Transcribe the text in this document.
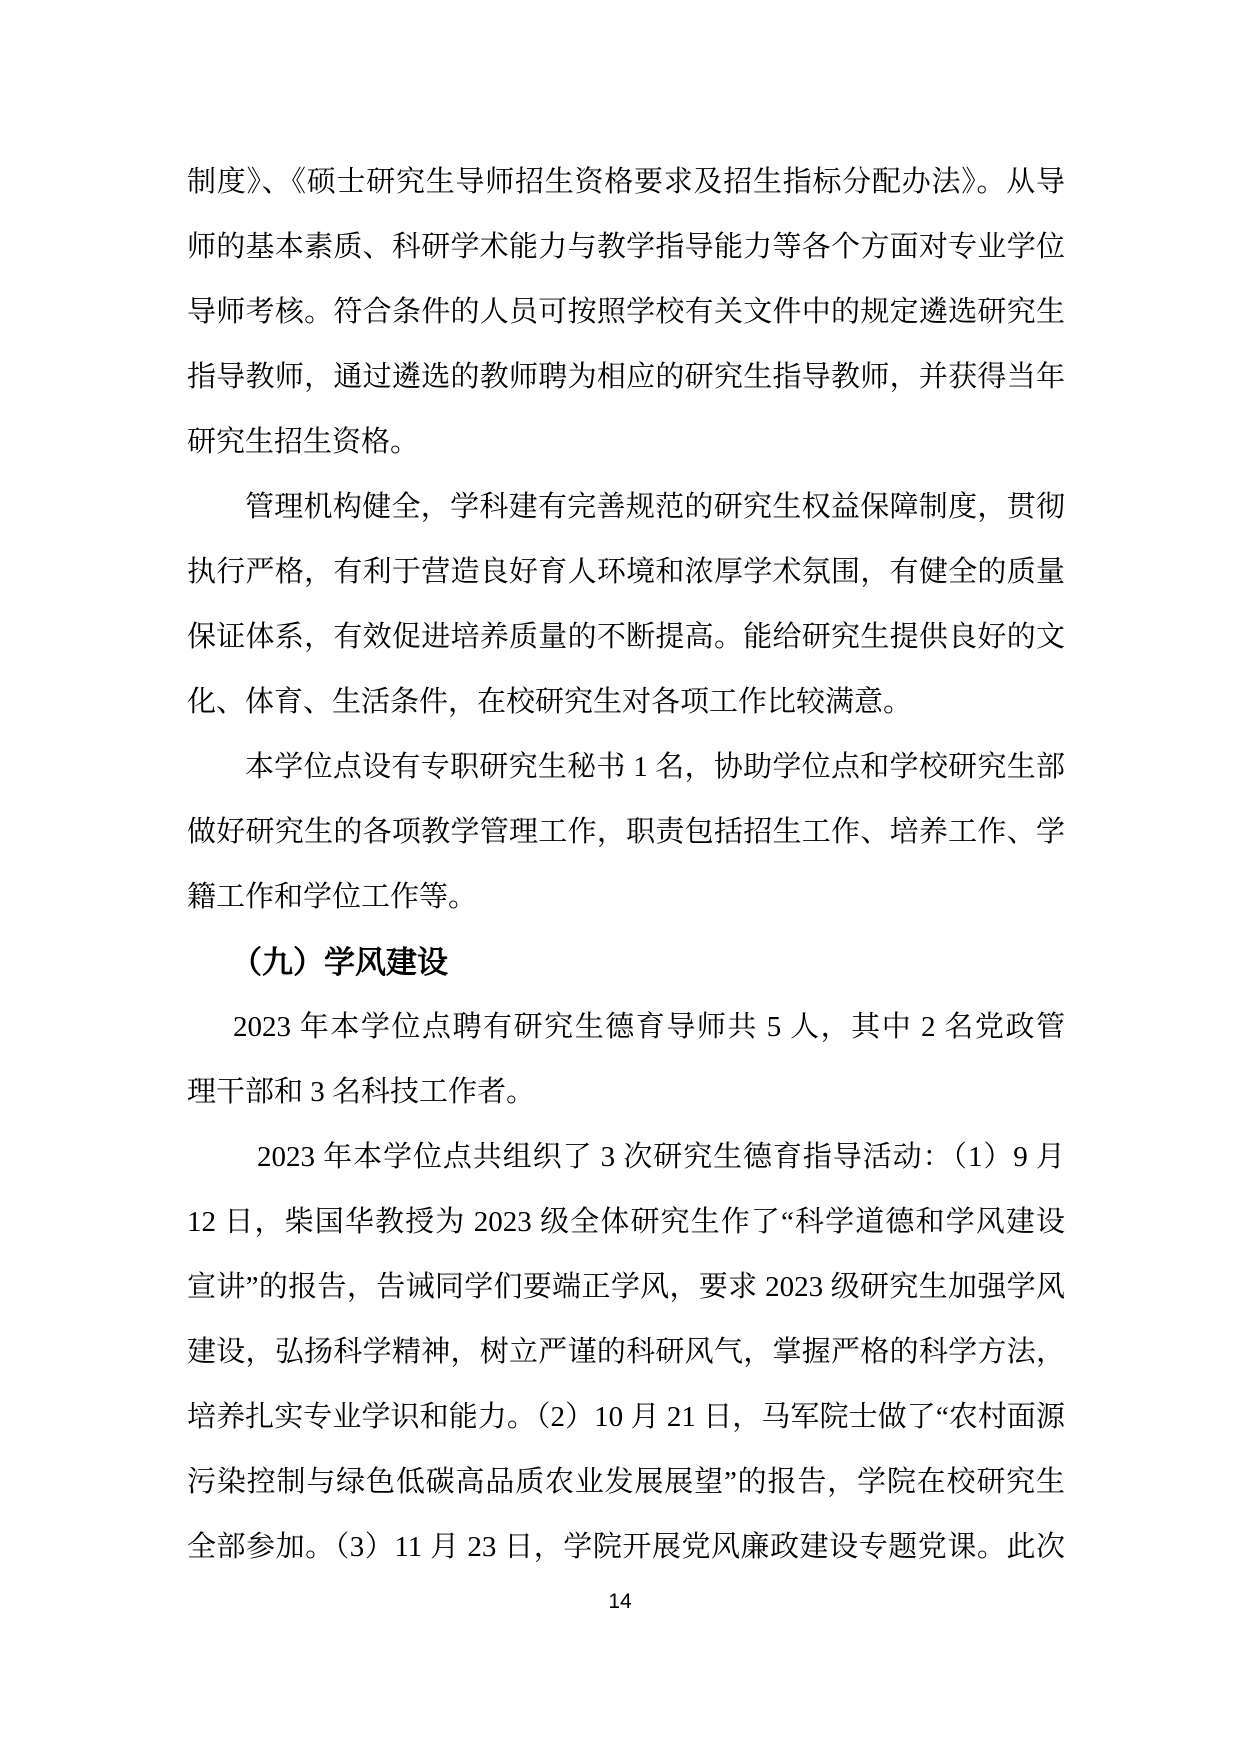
制度》、《硕士研究生导师招生资格要求及招生指标分配办法》。从导
师的基本素质、科研学术能力与教学指导能力等各个方面对专业学位
导师考核。符合条件的人员可按照学校有关文件中的规定遴选研究生
指导教师，通过遴选的教师聘为相应的研究生指导教师，并获得当年
研究生招生资格。
管理机构健全，学科建有完善规范的研究生权益保障制度，贯彻
执行严格，有利于营造良好育人环境和浓厚学术氛围，有健全的质量
保证体系，有效促进培养质量的不断提高。能给研究生提供良好的文
化、体育、生活条件，在校研究生对各项工作比较满意。
本学位点设有专职研究生秘书 1 名，协助学位点和学校研究生部
做好研究生的各项教学管理工作，职责包括招生工作、培养工作、学
籍工作和学位工作等。
（九）学风建设
2023 年本学位点聘有研究生德育导师共 5 人，其中 2 名党政管
理干部和 3 名科技工作者。
2023 年本学位点共组织了 3 次研究生德育指导活动：（1）9 月
12 日，柴国华教授为 2023 级全体研究生作了“科学道德和学风建设
宣讲”的报告，告诫同学们要端正学风，要求 2023 级研究生加强学风
建设，弘扬科学精神，树立严谨的科研风气，掌握严格的科学方法，
培养扎实专业学识和能力。（2）10 月 21 日，马军院士做了“农村面源
污染控制与绿色低碳高品质农业发展展望”的报告，学院在校研究生
全部参加。（3）11 月 23 日，学院开展党风廉政建设专题党课。此次
14
